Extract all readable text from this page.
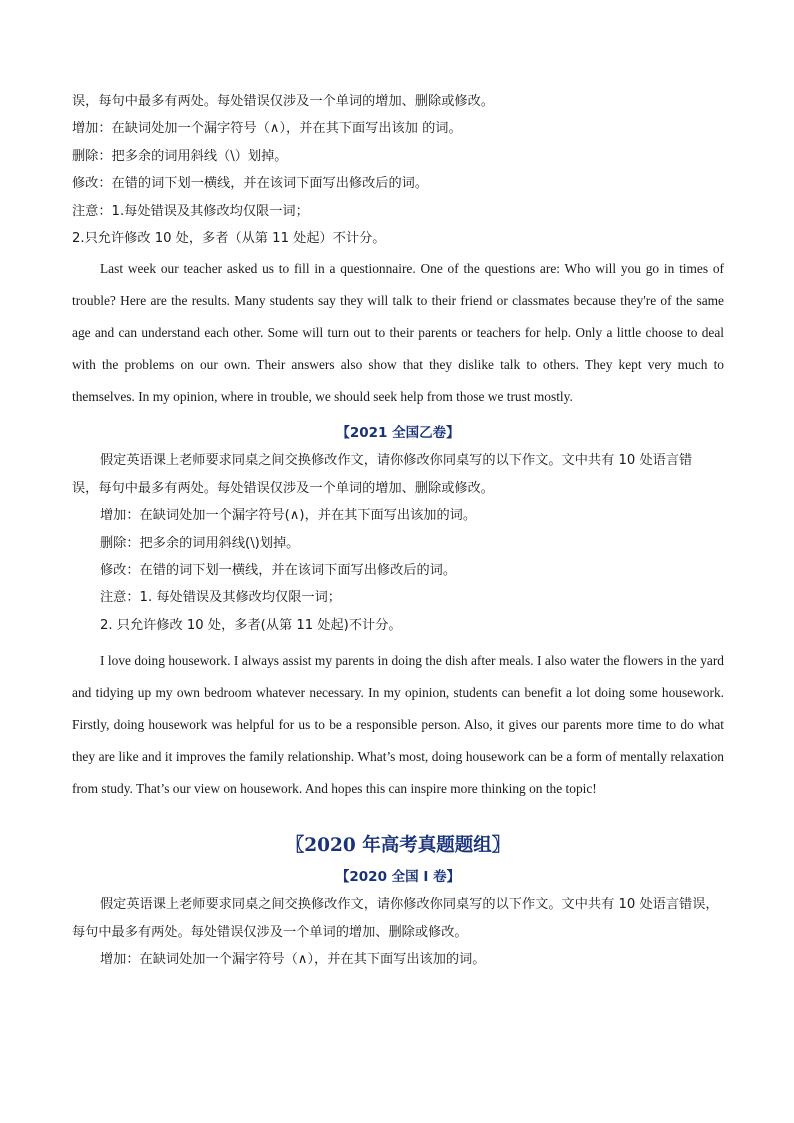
误，每句中最多有两处。每处错误仅涉及一个单词的增加、删除或修改。

增加：在缺词处加一个漏字符号（∧），并在其下面写出该加 的词。

删除：把多余的词用斜线（\）划掉。

修改：在错的词下划一横线，并在该词下面写出修改后的词。

注意：1.每处错误及其修改均仅限一词；

2.只允许修改 10 处，多者（从第 11 处起）不计分。

Last week our teacher asked us to fill in a questionnaire. One of the questions are: Who will you go in times of trouble? Here are the results. Many students say they will talk to their friend or classmates because they're of the same age and can understand each other. Some will turn out to their parents or teachers for help. Only a little choose to deal with the problems on our own. Their answers also show that they dislike talk to others. They kept very much to themselves. In my opinion, where in trouble, we should seek help from those we trust mostly.

【2021 全国乙卷】

假定英语课上老师要求同桌之间交换修改作文，请你修改你同桌写的以下作文。文中共有 10 处语言错

误，每句中最多有两处。每处错误仅涉及一个单词的增加、删除或修改。

增加：在缺词处加一个漏字符号(∧)，并在其下面写出该加的词。

删除：把多余的词用斜线(\)划掉。

修改：在错的词下划一横线，并在该词下面写出修改后的词。

注意：1. 每处错误及其修改均仅限一词；

2. 只允许修改 10 处，多者(从第 11 处起)不计分。

I love doing housework. I always assist my parents in doing the dish after meals. I also water the flowers in the yard and tidying up my own bedroom whatever necessary. In my opinion, students can benefit a lot doing some housework. Firstly, doing housework was helpful for us to be a responsible person. Also, it gives our parents more time to do what they are like and it improves the family relationship. What’s most, doing housework can be a form of mentally relaxation from study. That’s our view on housework. And hopes this can inspire more thinking on the topic!

〖2020 年高考真题题组〗

【2020 全国 I 卷】

假定英语课上老师要求同桌之间交换修改作文，请你修改你同桌写的以下作文。文中共有 10 处语言错误，

每句中最多有两处。每处错误仅涉及一个单词的增加、删除或修改。

增加：在缺词处加一个漏字符号（∧），并在其下面写出该加的词。
